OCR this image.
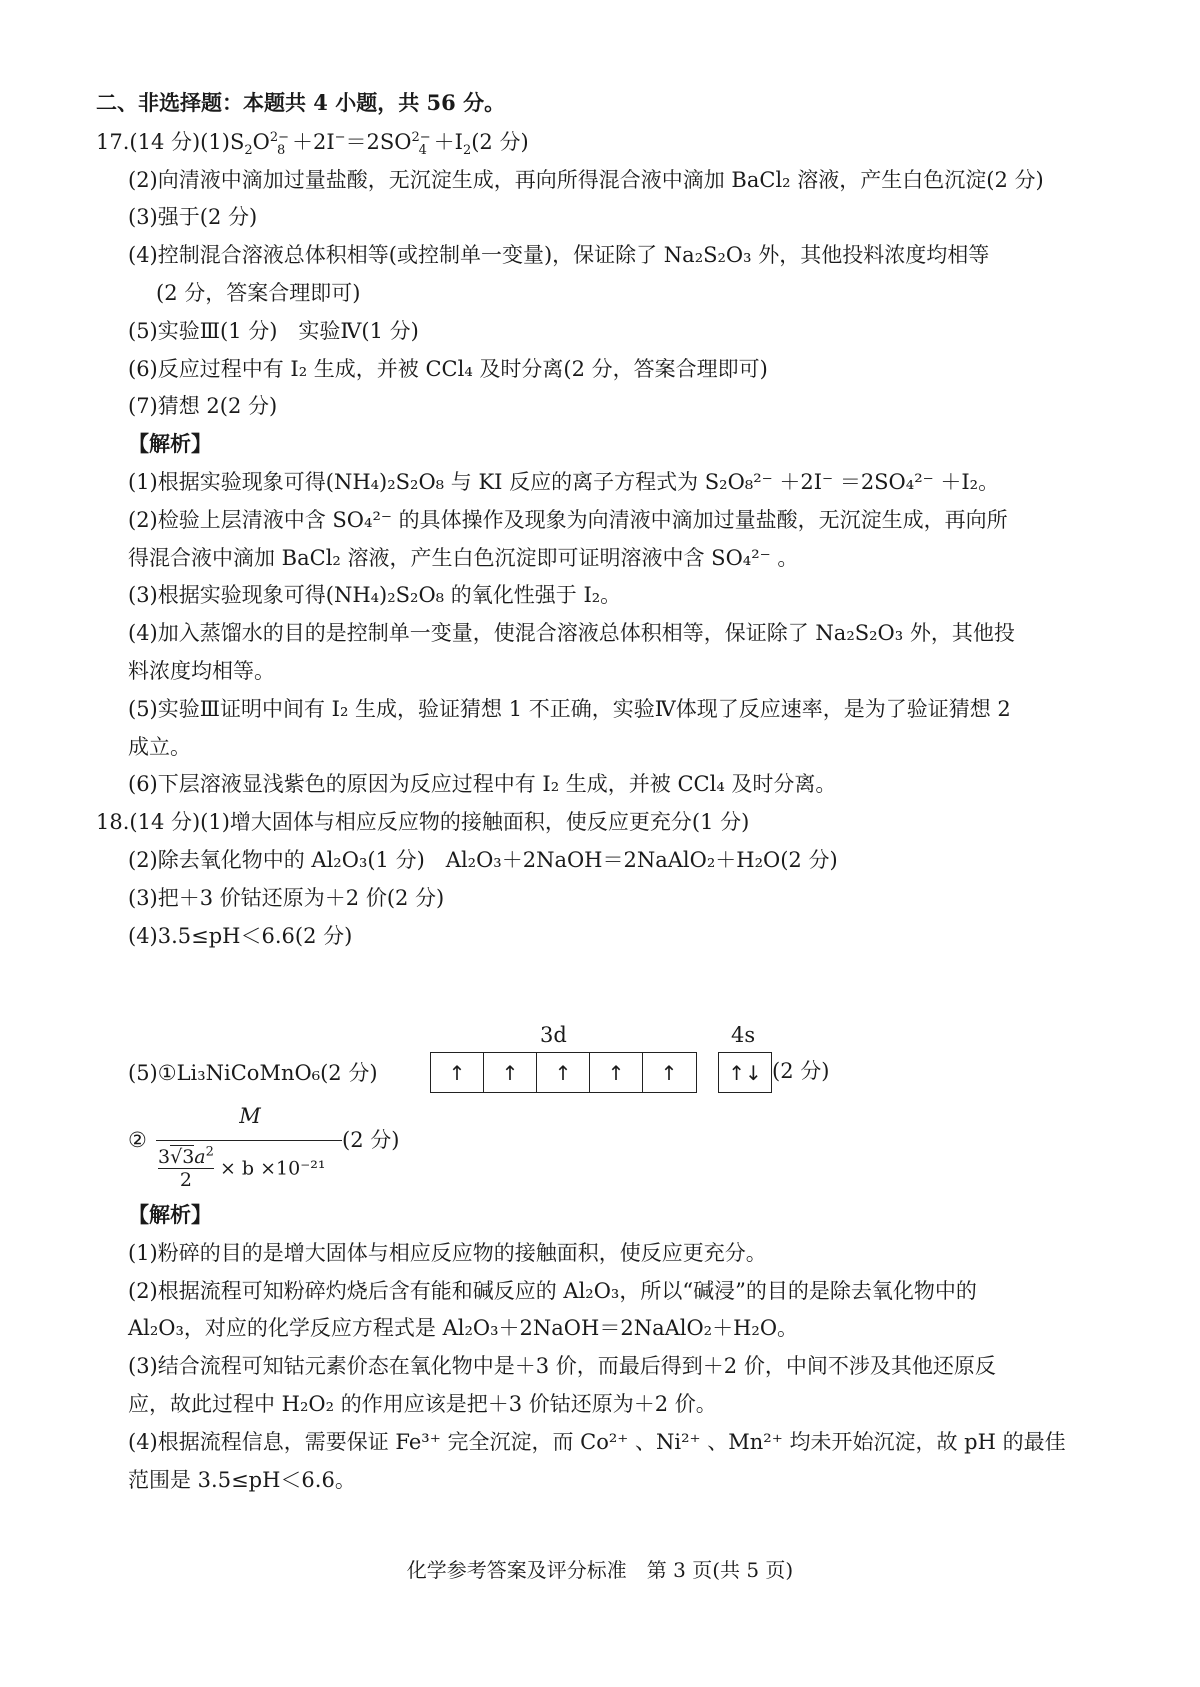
二、非选择题：本题共 4 小题，共 56 分。
17.(14 分)$(1)S_2O^{2-}_8 +2I^-=2SO^{2-}_4 +I_2(2$ 分)
(2)向清液中滴加过量盐酸，无沉淀生成，再向所得混合液中滴加 BaCl₂ 溶液，产生白色沉淀(2 分)
(3)强于(2 分)
(4)控制混合溶液总体积相等(或控制单一变量)，保证除了 Na₂S₂O₃ 外，其他投料浓度均相等
(2 分，答案合理即可)
(5)实验Ⅲ(1 分)　实验Ⅳ(1 分)
(6)反应过程中有 I₂ 生成，并被 CCl₄ 及时分离(2 分，答案合理即可)
(7)猜想 2(2 分)
【解析】
(1)根据实验现象可得(NH₄)₂S₂O₈ 与 KI 反应的离子方程式为 S₂O₈²⁻ ＋2I⁻ ＝2SO₄²⁻ ＋I₂。
(2)检验上层清液中含 SO₄²⁻ 的具体操作及现象为向清液中滴加过量盐酸，无沉淀生成，再向所
得混合液中滴加 BaCl₂ 溶液，产生白色沉淀即可证明溶液中含 SO₄²⁻ 。
(3)根据实验现象可得(NH₄)₂S₂O₈ 的氧化性强于 I₂。
(4)加入蒸馏水的目的是控制单一变量，使混合溶液总体积相等，保证除了 Na₂S₂O₃ 外，其他投
料浓度均相等。
(5)实验Ⅲ证明中间有 I₂ 生成，验证猜想 1 不正确，实验Ⅳ体现了反应速率，是为了验证猜想 2
成立。
(6)下层溶液显浅紫色的原因为反应过程中有 I₂ 生成，并被 CCl₄ 及时分离。
18.(14 分)(1)增大固体与相应反应物的接触面积，使反应更充分(1 分)
(2)除去氧化物中的 Al₂O₃(1 分)　Al₂O₃＋2NaOH＝2NaAlO₂＋H₂O(2 分)
(3)把＋3 价钴还原为＋2 价(2 分)
(4)3.5≤pH＜6.6(2 分)
(5)①Li₃NiCoMnO₆(2 分)
3d
↑	↑	↑	↑	↑
4s
↑↓ (2 分)
②
M
$\frac{3√3a^2}{2} \times b \times 10^{-21}$
(2 分)
【解析】
(1)粉碎的目的是增大固体与相应反应物的接触面积，使反应更充分。
(2)根据流程可知粉碎灼烧后含有能和碱反应的 Al₂O₃，所以“碱浸”的目的是除去氧化物中的
Al₂O₃，对应的化学反应方程式是 Al₂O₃＋2NaOH＝2NaAlO₂＋H₂O。
(3)结合流程可知钴元素价态在氧化物中是＋3 价，而最后得到＋2 价，中间不涉及其他还原反
应，故此过程中 H₂O₂ 的作用应该是把＋3 价钴还原为＋2 价。
(4)根据流程信息，需要保证 Fe³⁺ 完全沉淀，而 Co²⁺ 、Ni²⁺ 、Mn²⁺ 均未开始沉淀，故 pH 的最佳
范围是 3.5≤pH＜6.6。
化学参考答案及评分标准　第 3 页(共 5 页)
